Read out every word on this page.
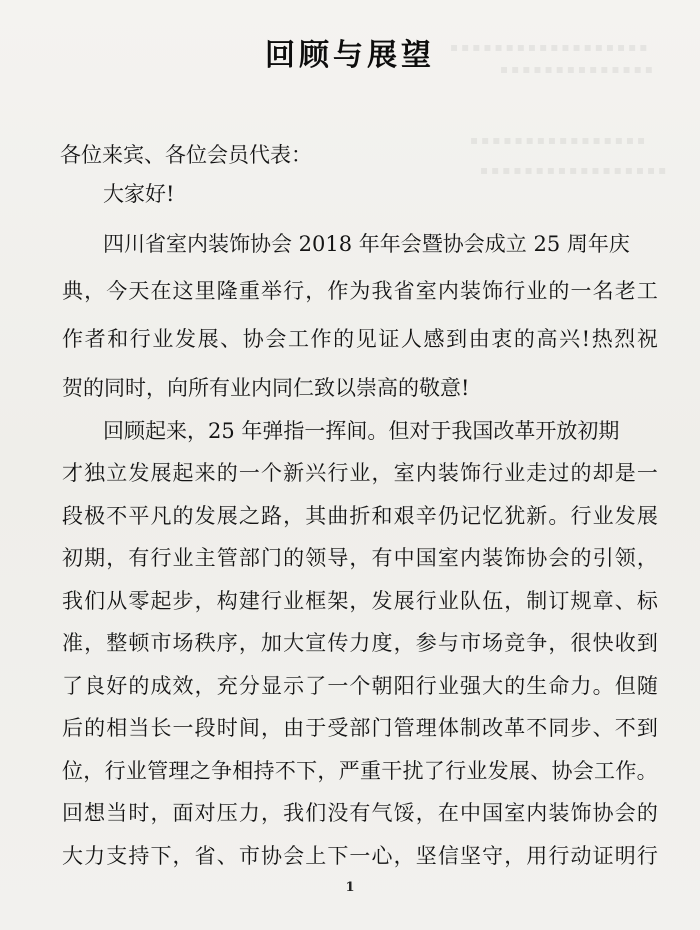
▪▪▪▪▪▪▪▪▪▪▪▪▪▪▪▪▪▪
▪▪▪▪▪▪▪▪▪▪▪▪▪▪
▪▪▪▪▪▪▪▪▪▪▪▪▪▪▪▪
▪▪▪▪▪▪▪▪▪▪▪▪▪▪▪▪▪
回顾与展望
各位来宾、各位会员代表：
大家好!
四川省室内装饰协会 2018 年年会暨协会成立 25 周年庆
典 ， 今 天 在 这 里 隆 重 举 行 ， 作 为 我 省 室 内 装 饰 行 业 的 一 名 老 工
作 者 和 行 业 发 展 、 协 会 工 作 的 见 证 人 感 到 由 衷 的 高 兴 ! 热 烈 祝
贺的同时，向所有业内同仁致以崇高的敬意!
回顾起来，25 年弹指一挥间。但对于我国改革开放初期
才 独 立 发 展 起 来 的 一 个 新 兴 行 业 ， 室 内 装 饰 行 业 走 过 的 却 是 一
段 极 不 平 凡 的 发 展 之 路 ， 其 曲 折 和 艰 辛 仍 记 忆 犹 新 。 行 业 发 展
初 期 ， 有 行 业 主 管 部 门 的 领 导 ， 有 中 国 室 内 装 饰 协 会 的 引 领 ，
我 们 从 零 起 步 ， 构 建 行 业 框 架 ， 发 展 行 业 队 伍 ， 制 订 规 章 、 标
准 ， 整 顿 市 场 秩 序 ， 加 大 宣 传 力 度 ， 参 与 市 场 竞 争 ， 很 快 收 到
了 良 好 的 成 效 ， 充 分 显 示 了 一 个 朝 阳 行 业 强 大 的 生 命 力 。 但 随
后 的 相 当 长 一 段 时 间 ， 由 于 受 部 门 管 理 体 制 改 革 不 同 步 、 不 到
位 ， 行 业 管 理 之 争 相 持 不 下 ， 严 重 干 扰 了 行 业 发 展 、 协 会 工 作 。
回 想 当 时 ， 面 对 压 力 ， 我 们 没 有 气 馁 ， 在 中 国 室 内 装 饰 协 会 的
大 力 支 持 下 ， 省 、 市 协 会 上 下 一 心 ， 坚 信 坚 守 ， 用 行 动 证 明 行
1
